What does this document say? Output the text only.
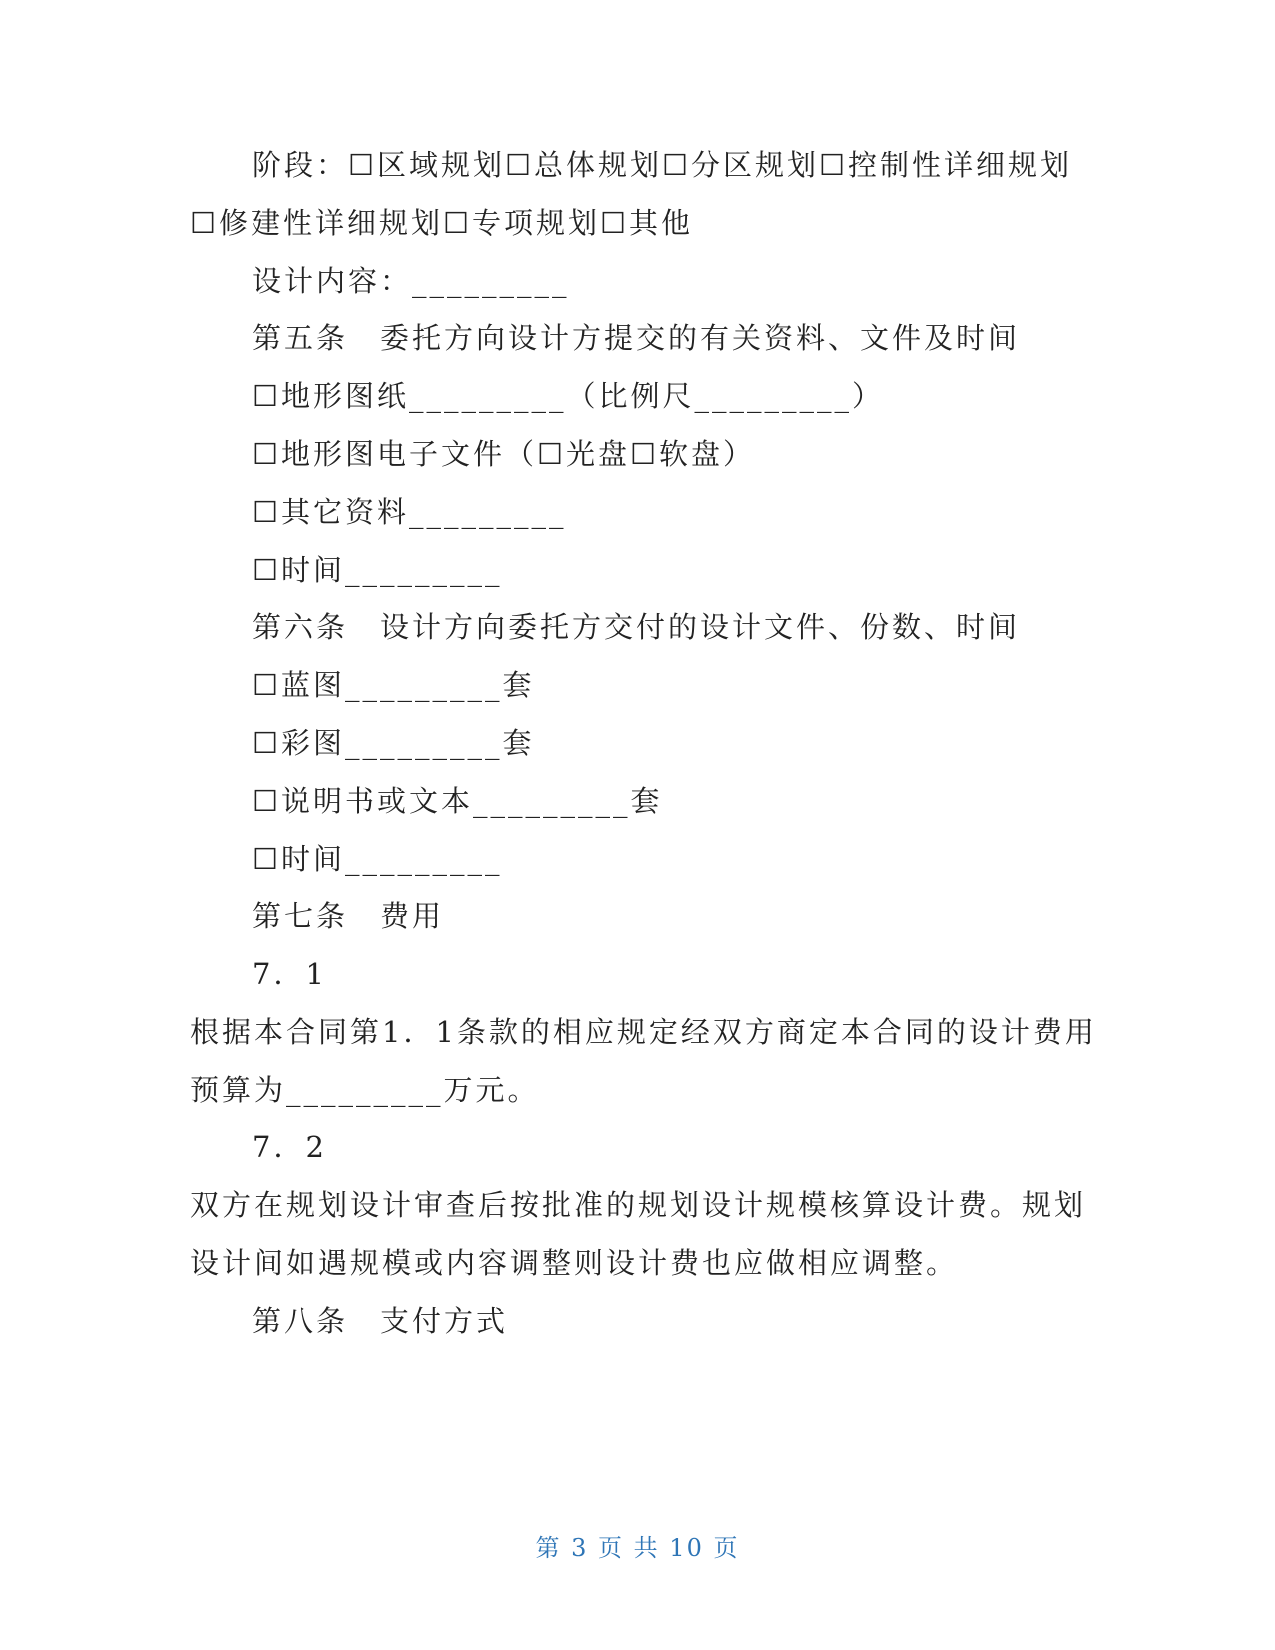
阶段：☐区域规划☐总体规划☐分区规划☐控制性详细规划
☐修建性详细规划☐专项规划☐其他
设计内容：_________
第五条　委托方向设计方提交的有关资料、文件及时间
☐地形图纸_________（比例尺_________）
☐地形图电子文件（☐光盘☐软盘）
☐其它资料_________
☐时间_________
第六条　设计方向委托方交付的设计文件、份数、时间
☐蓝图_________套
☐彩图_________套
☐说明书或文本_________套
☐时间_________
第七条　费用
7．1
根据本合同第1．1条款的相应规定经双方商定本合同的设计费用
预算为_________万元。
7．2
双方在规划设计审查后按批准的规划设计规模核算设计费。规划
设计间如遇规模或内容调整则设计费也应做相应调整。
第八条　支付方式
第 3 页 共 10 页
